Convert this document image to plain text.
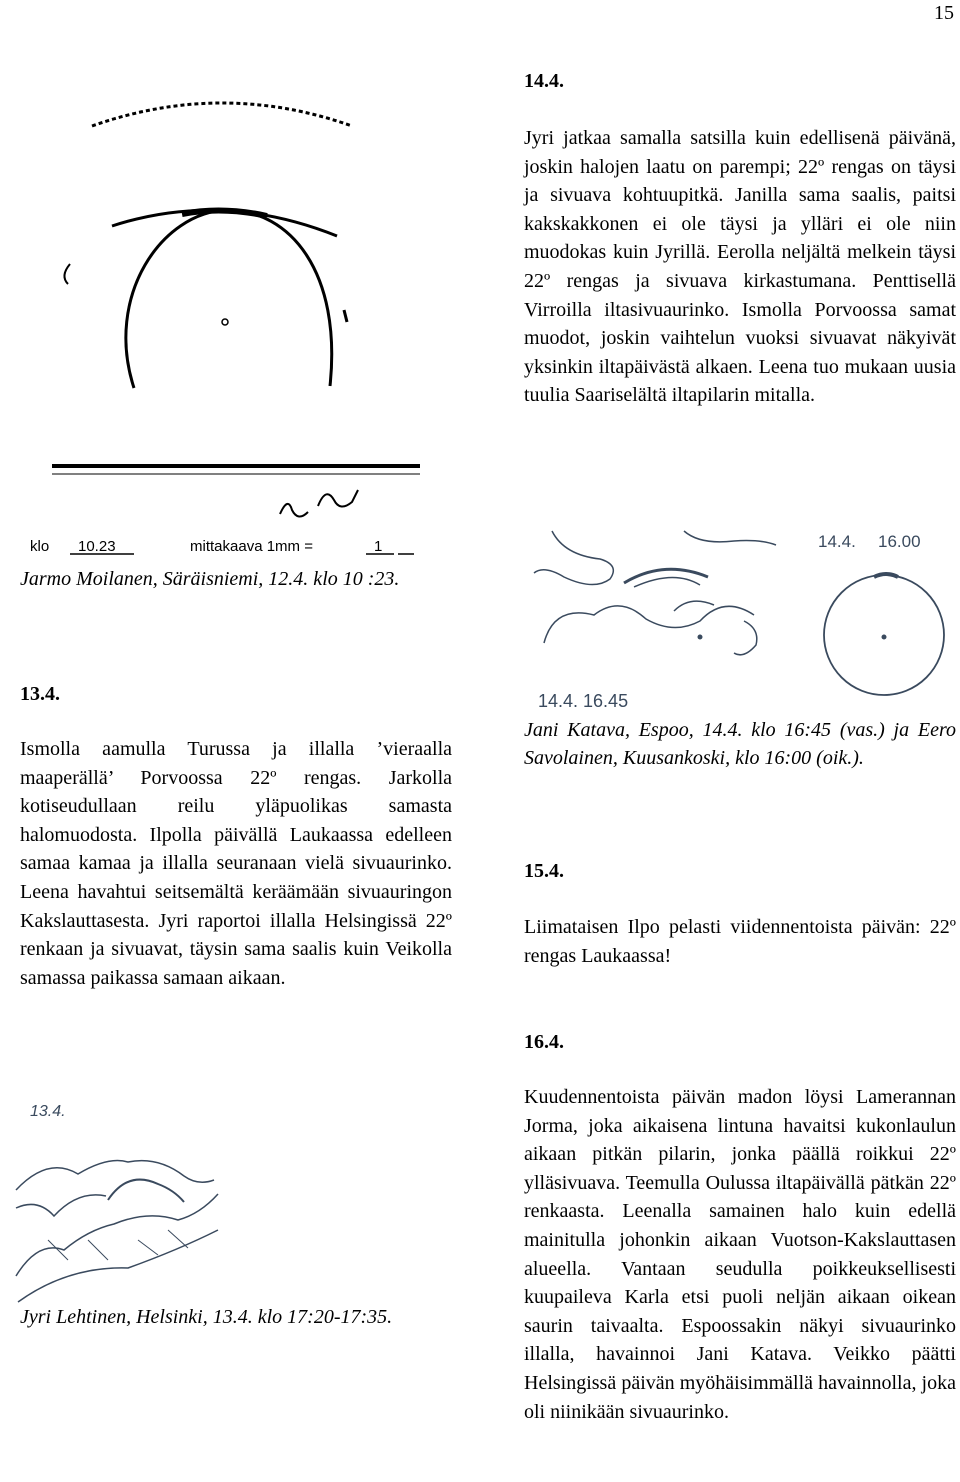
15
klo 10.23	mittakaava 1mm =	1
Jarmo Moilanen, Säräisniemi, 12.4. klo 10 :23.
14.4.
Jyri jatkaa samalla satsilla kuin edellisenä päivänä, joskin halojen laatu on parempi; 22º rengas on täysi ja sivuava kohtuupitkä. Janilla sama saalis, paitsi kakskakkonen ei ole täysi ja ylläri ei ole niin muodokas kuin Jyrillä. Eerolla neljältä melkein täysi 22º rengas ja sivuava kirkastumana. Penttisellä Virroilla iltasivuaurinko. Ismolla Porvoossa samat muodot, joskin vaihtelun vuoksi sivuavat näkyivät yksinkin iltapäivästä alkaen. Leena tuo mukaan uusia tuulia Saariselältä iltapilarin mitalla.
13.4.
Ismolla aamulla Turussa ja illalla ’vieraalla maaperällä’ Porvoossa 22º rengas. Jarkolla kotiseudullaan reilu yläpuolikas samasta halomuodosta. Ilpolla päivällä Laukaassa edelleen samaa kamaa ja illalla seuranaan vielä sivuaurinko. Leena havahtui seitsemältä keräämään sivuauringon Kakslauttasesta. Jyri raportoi illalla Helsingissä 22º renkaan ja sivuavat, täysin sama saalis kuin Veikolla samassa paikassa samaan aikaan.
13.4.
Jyri Lehtinen, Helsinki, 13.4. klo 17:20-17:35.
14.4. 16.45
14.4. 16.00
Jani Katava, Espoo, 14.4. klo 16:45 (vas.) ja Eero Savolainen, Kuusankoski, klo 16:00 (oik.).
15.4.
Liimataisen Ilpo pelasti viidennentoista päivän: 22º rengas Laukaassa!
16.4.
Kuudennentoista päivän madon löysi Lamerannan Jorma, joka aikaisena lintuna havaitsi kukonlaulun aikaan pitkän pilarin, jonka päällä roikkui 22º ylläsivuava. Teemulla Oulussa iltapäivällä pätkän 22º renkaasta. Leenalla samainen halo kuin edellä mainitulla johonkin aikaan Vuotson-Kakslauttasen alueella. Vantaan seudulla poikkeuksellisesti kuupaileva Karla etsi puoli neljän aikaan oikean saurin taivaalta. Espoossakin näkyi sivuaurinko illalla, havainnoi Jani Katava. Veikko päätti Helsingissä päivän myöhäisimmällä havainnolla, joka oli niinikään sivuaurinko.
